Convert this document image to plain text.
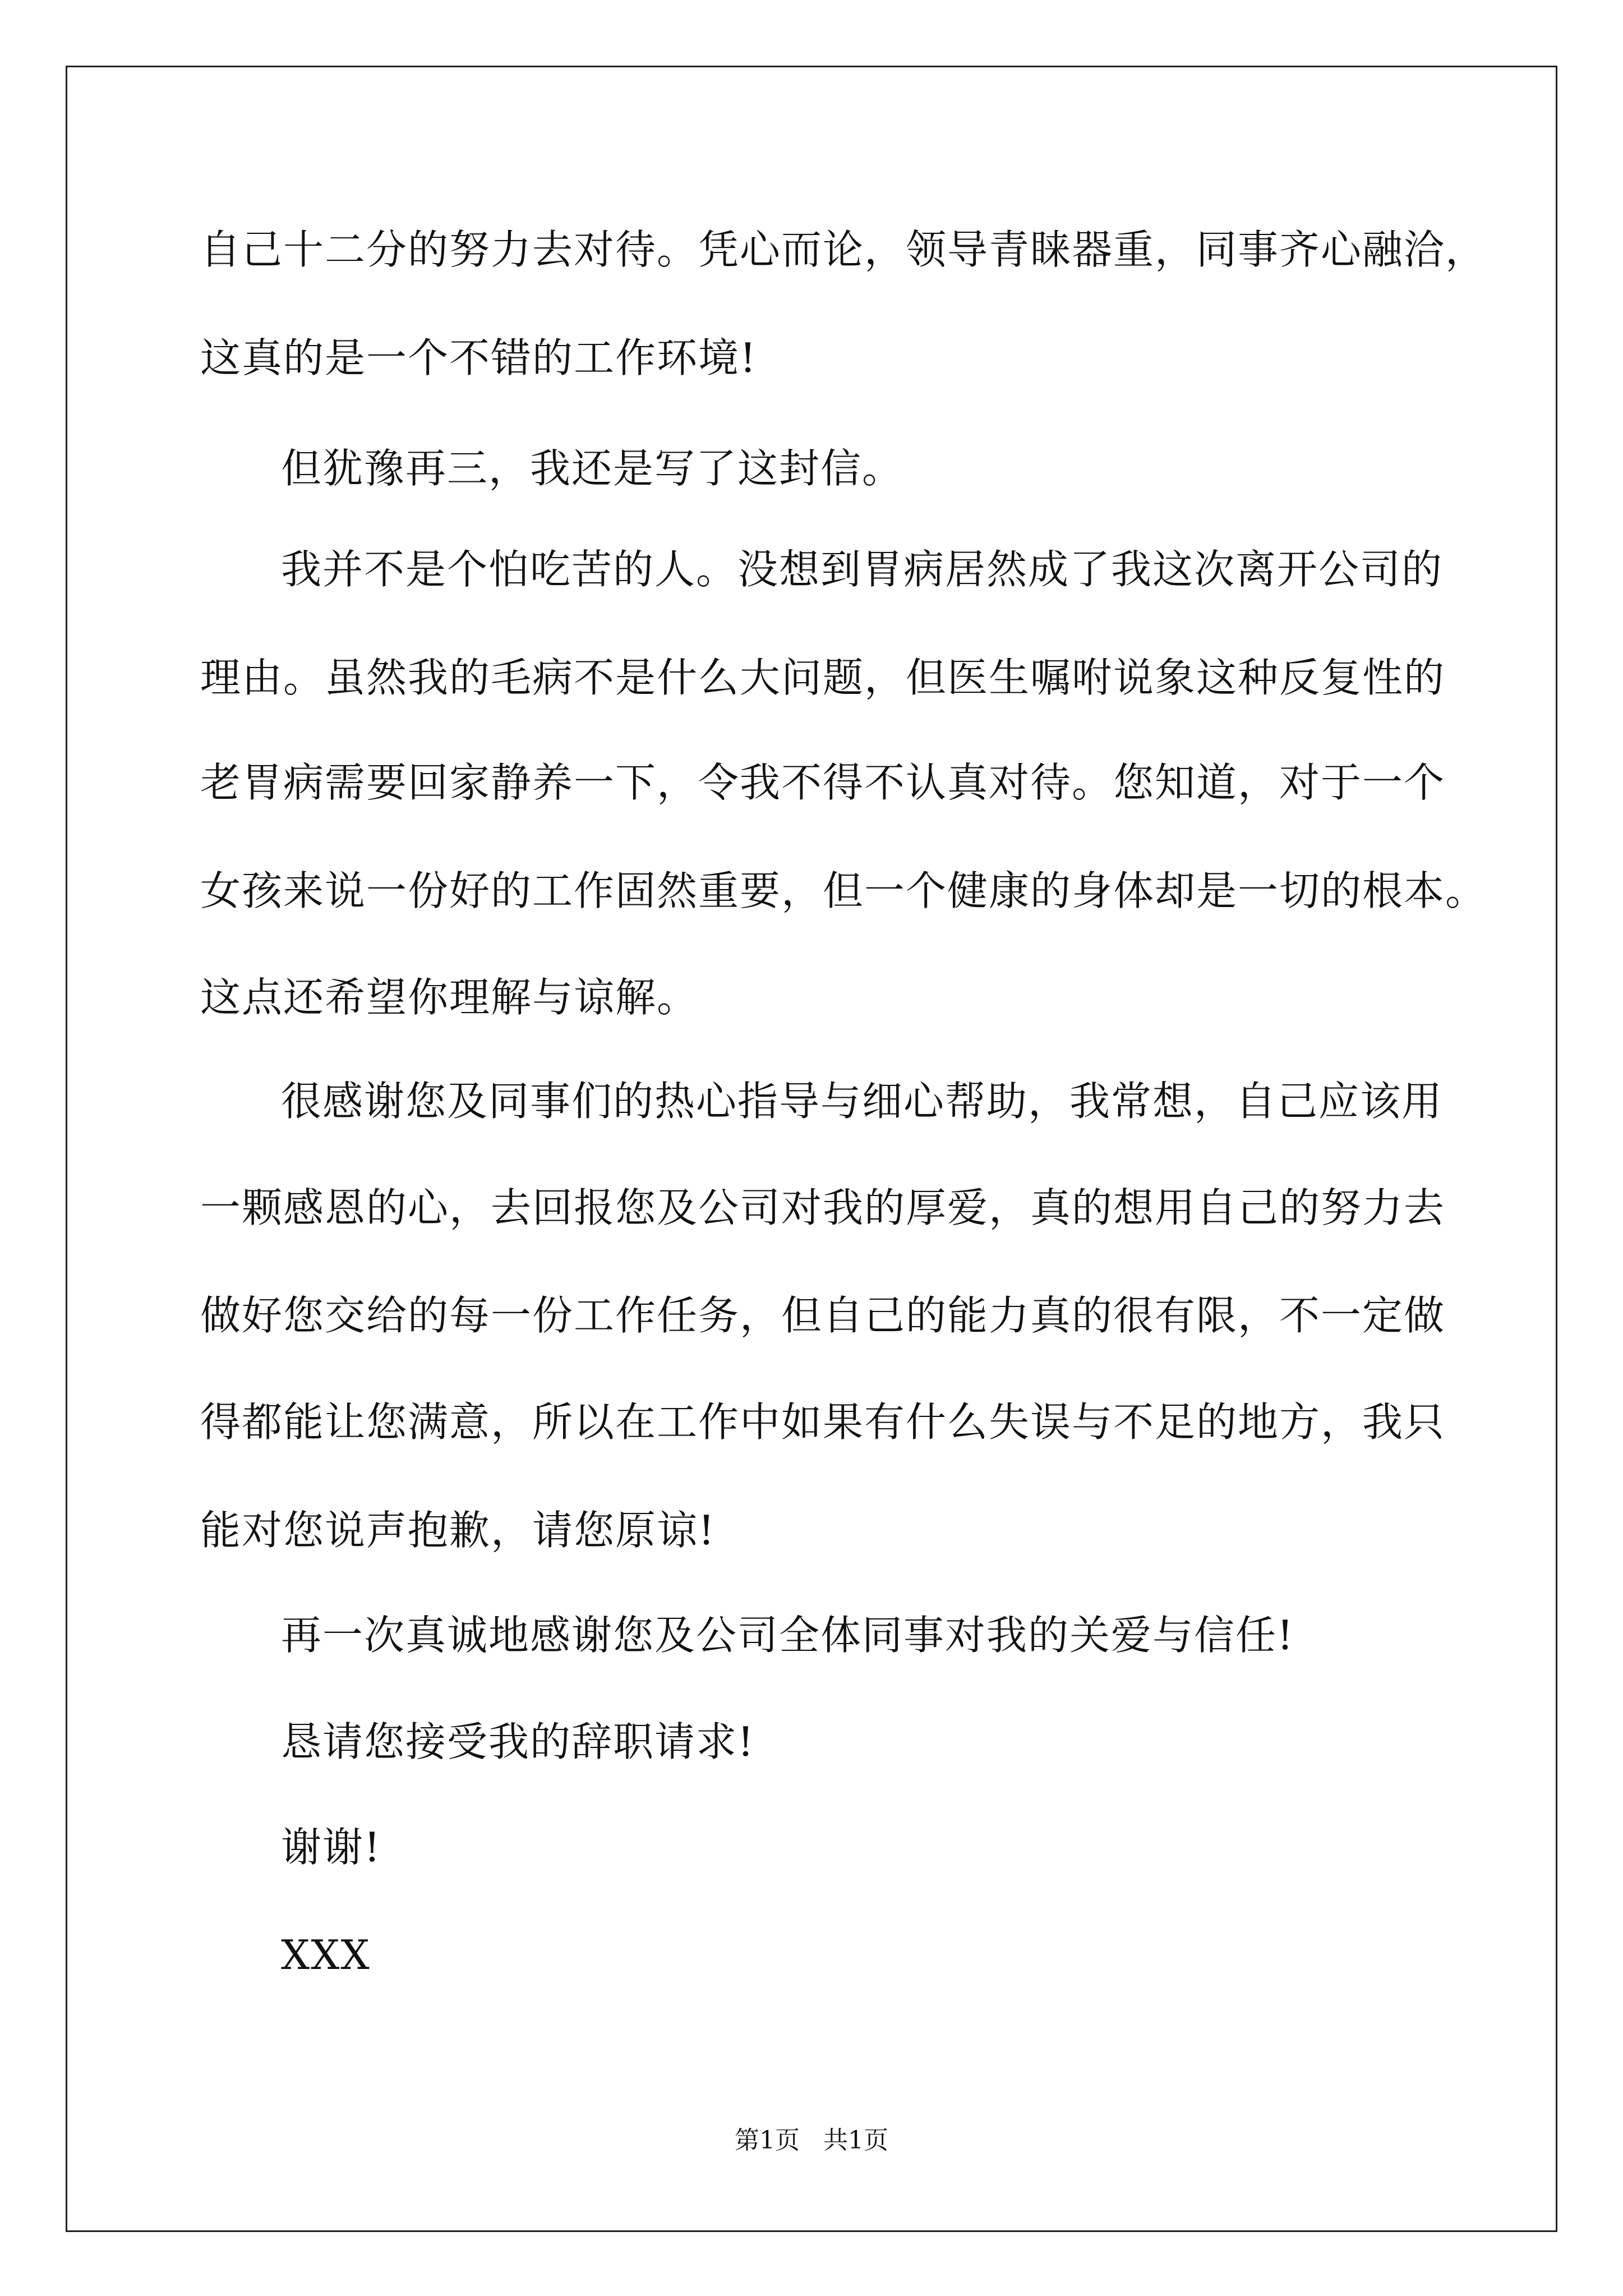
自己十二分的努力去对待。凭心而论，领导青睐器重，同事齐心融洽，
这真的是一个不错的工作环境!
但犹豫再三，我还是写了这封信。
我并不是个怕吃苦的人。没想到胃病居然成了我这次离开公司的
理由。虽然我的毛病不是什么大问题，但医生嘱咐说象这种反复性的
老胃病需要回家静养一下，令我不得不认真对待。您知道，对于一个
女孩来说一份好的工作固然重要，但一个健康的身体却是一切的根本。
这点还希望你理解与谅解。
很感谢您及同事们的热心指导与细心帮助，我常想，自己应该用
一颗感恩的心，去回报您及公司对我的厚爱，真的想用自己的努力去
做好您交给的每一份工作任务，但自己的能力真的很有限，不一定做
得都能让您满意，所以在工作中如果有什么失误与不足的地方，我只
能对您说声抱歉，请您原谅!
再一次真诚地感谢您及公司全体同事对我的关爱与信任!
恳请您接受我的辞职请求!
谢谢!
XXX
第1页   共1页
